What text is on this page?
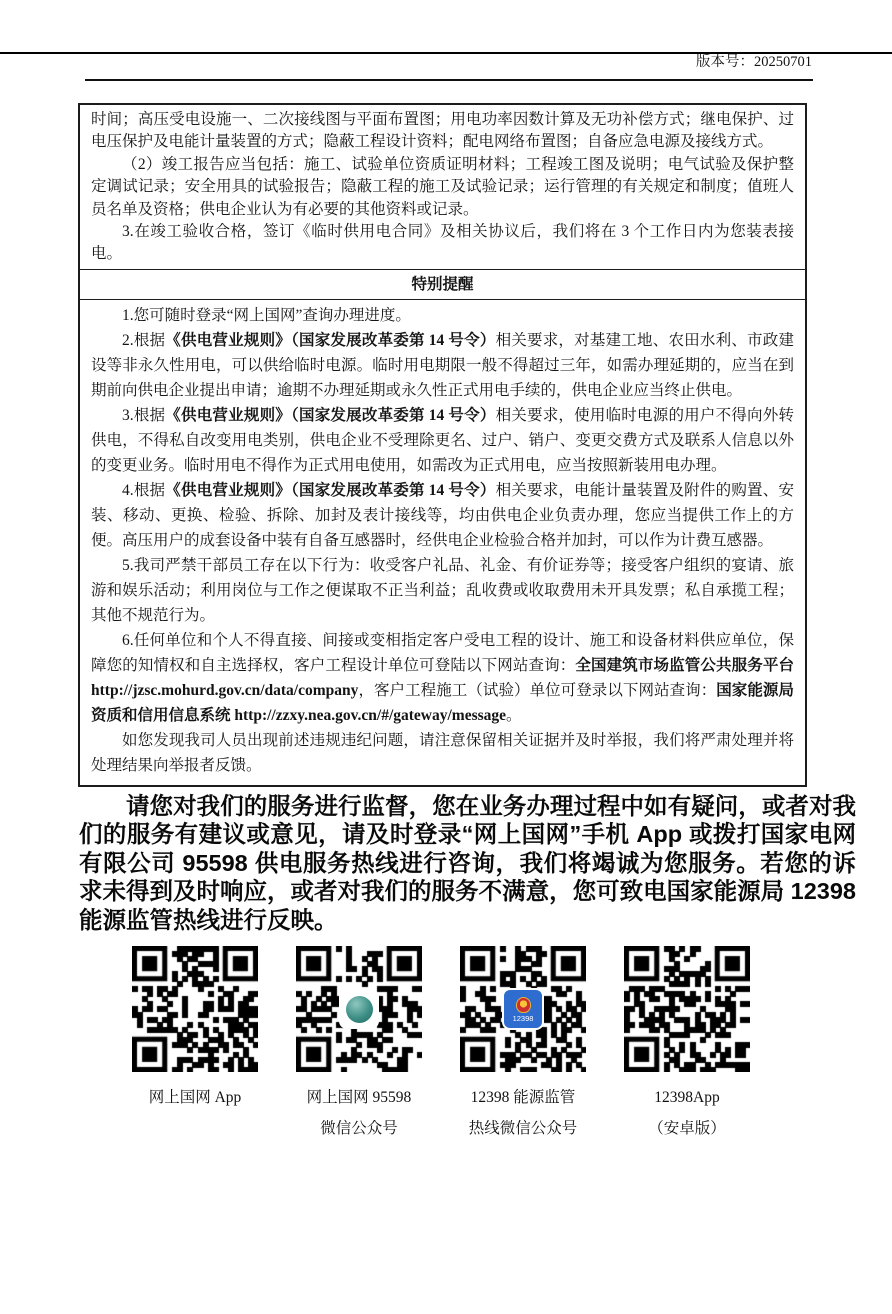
版本号：20250701

时间；高压受电设施一、二次接线图与平面布置图；用电功率因数计算及无功补偿方式；继电保护、过电压保护及电能计量装置的方式；隐蔽工程设计资料；配电网络布置图；自备应急电源及接线方式。

（2）竣工报告应当包括：施工、试验单位资质证明材料；工程竣工图及说明；电气试验及保护整定调试记录；安全用具的试验报告；隐蔽工程的施工及试验记录；运行管理的有关规定和制度；值班人员名单及资格；供电企业认为有必要的其他资料或记录。

3.在竣工验收合格，签订《临时供用电合同》及相关协议后，我们将在 3 个工作日内为您装表接电。

特别提醒

1.您可随时登录“网上国网”查询办理进度。

2.根据《供电营业规则》（国家发展改革委第 14 号令）相关要求，对基建工地、农田水利、市政建设等非永久性用电，可以供给临时电源。临时用电期限一般不得超过三年，如需办理延期的，应当在到期前向供电企业提出申请；逾期不办理延期或永久性正式用电手续的，供电企业应当终止供电。

3.根据《供电营业规则》（国家发展改革委第 14 号令）相关要求，使用临时电源的用户不得向外转供电，不得私自改变用电类别，供电企业不受理除更名、过户、销户、变更交费方式及联系人信息以外的变更业务。临时用电不得作为正式用电使用，如需改为正式用电，应当按照新装用电办理。

4.根据《供电营业规则》（国家发展改革委第 14 号令）相关要求，电能计量装置及附件的购置、安装、移动、更换、检验、拆除、加封及表计接线等，均由供电企业负责办理，您应当提供工作上的方便。高压用户的成套设备中装有自备互感器时，经供电企业检验合格并加封，可以作为计费互感器。

5.我司严禁干部员工存在以下行为：收受客户礼品、礼金、有价证券等；接受客户组织的宴请、旅游和娱乐活动；利用岗位与工作之便谋取不正当利益；乱收费或收取费用未开具发票；私自承揽工程；其他不规范行为。

6.任何单位和个人不得直接、间接或变相指定客户受电工程的设计、施工和设备材料供应单位，保障您的知情权和自主选择权，客户工程设计单位可登陆以下网站查询：全国建筑市场监管公共服务平台 http://jzsc.mohurd.gov.cn/data/company，客户工程施工（试验）单位可登录以下网站查询：国家能源局资质和信用信息系统 http://zzxy.nea.gov.cn/#/gateway/message。

如您发现我司人员出现前述违规违纪问题，请注意保留相关证据并及时举报，我们将严肃处理并将处理结果向举报者反馈。

请您对我们的服务进行监督，您在业务办理过程中如有疑问，或者对我们的服务有建议或意见，请及时登录“网上国网”手机 App 或拨打国家电网有限公司 95598 供电服务热线进行咨询，我们将竭诚为您服务。若您的诉求未得到及时响应，或者对我们的服务不满意，您可致电国家能源局 12398 能源监管热线进行反映。
网上国网 App	网上国网 95598
微信公众号
12398
12398 能源监管
热线微信公众号
12398App
（安卓版）
